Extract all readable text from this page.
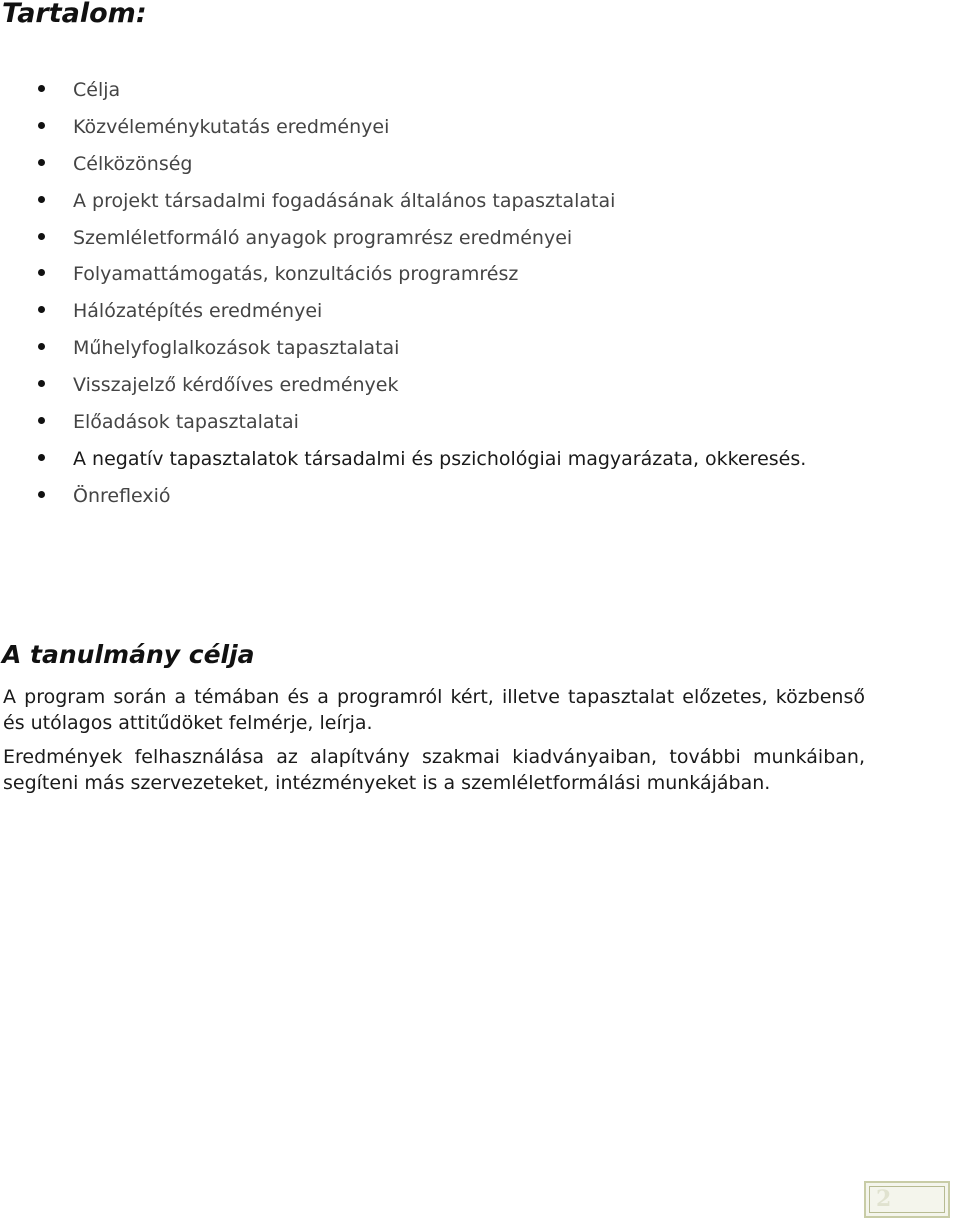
Tartalom:
Célja
Közvéleménykutatás eredményei
Célközönség
A projekt társadalmi fogadásának általános tapasztalatai
Szemléletformáló anyagok programrész eredményei
Folyamattámogatás, konzultációs programrész
Hálózatépítés eredményei
Műhelyfoglalkozások tapasztalatai
Visszajelző kérdőíves eredmények
Előadások tapasztalatai
A negatív tapasztalatok társadalmi és pszichológiai magyarázata, okkeresés.
Önreflexió
A tanulmány célja

A program során a témában és a programról kért, illetve tapasztalat előzetes, közbenső és utólagos attitűdöket felmérje, leírja.

Eredmények felhasználása az alapítvány szakmai kiadványaiban, további munkáiban, segíteni más szervezeteket, intézményeket is a szemléletformálási munkájában.

2
